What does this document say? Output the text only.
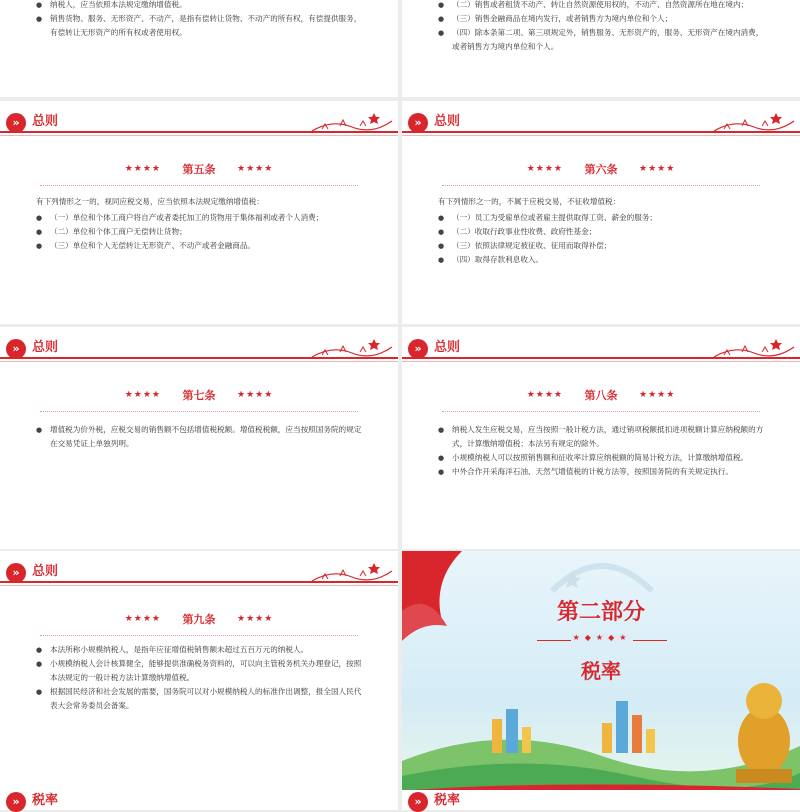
● 纳税人，应当依照本法规定缴纳增值税。
● 销售货物、服务、无形资产、不动产，是指有偿转让货物、不动产的所有权，有偿提供服务，有偿转让无形资产的所有权或者使用权。
● （二）销售或者租赁不动产、转让自然资源使用权的，不动产、自然资源所在地在境内；
● （三）销售金融商品在境内发行，或者销售方为境内单位和个人；
● （四）除本条第二项、第三项规定外，销售服务、无形资产的，服务、无形资产在境内消费，或者销售方为境内单位和个人。
» 总则
★★★★ 第五条 ★★★★
有下列情形之一的，视同应税交易，应当依照本法规定缴纳增值税：
● （一）单位和个体工商户将自产或者委托加工的货物用于集体福利或者个人消费；
● （二）单位和个体工商户无偿转让货物；
● （三）单位和个人无偿转让无形资产、不动产或者金融商品。
» 总则
★★★★ 第六条 ★★★★
有下列情形之一的，不属于应税交易，不征收增值税：
● （一）员工为受雇单位或者雇主提供取得工资、薪金的服务；
● （二）收取行政事业性收费、政府性基金；
● （三）依照法律规定被征收、征用而取得补偿；
● （四）取得存款利息收入。
» 总则
★★★★ 第七条 ★★★★
● 增值税为价外税，应税交易的销售额不包括增值税税额。增值税税额，应当按照国务院的规定在交易凭证上单独列明。
» 总则
★★★★ 第八条 ★★★★
● 纳税人发生应税交易，应当按照一般计税方法，通过销项税额抵扣进项税额计算应纳税额的方式，计算缴纳增值税；本法另有规定的除外。
● 小规模纳税人可以按照销售额和征收率计算应纳税额的简易计税方法，计算缴纳增值税。
● 中外合作开采海洋石油、天然气增值税的计税方法等，按照国务院的有关规定执行。
» 总则
★★★★ 第九条 ★★★★
● 本法所称小规模纳税人，是指年应征增值税销售额未超过五百万元的纳税人。
● 小规模纳税人会计核算健全，能够提供准确税务资料的，可以向主管税务机关办理登记，按照本法规定的一般计税方法计算缴纳增值税。
● 根据国民经济和社会发展的需要，国务院可以对小规模纳税人的标准作出调整，报全国人民代表大会常务委员会备案。
第二部分
★◆★◆★
税率
» 税率	» 税率
